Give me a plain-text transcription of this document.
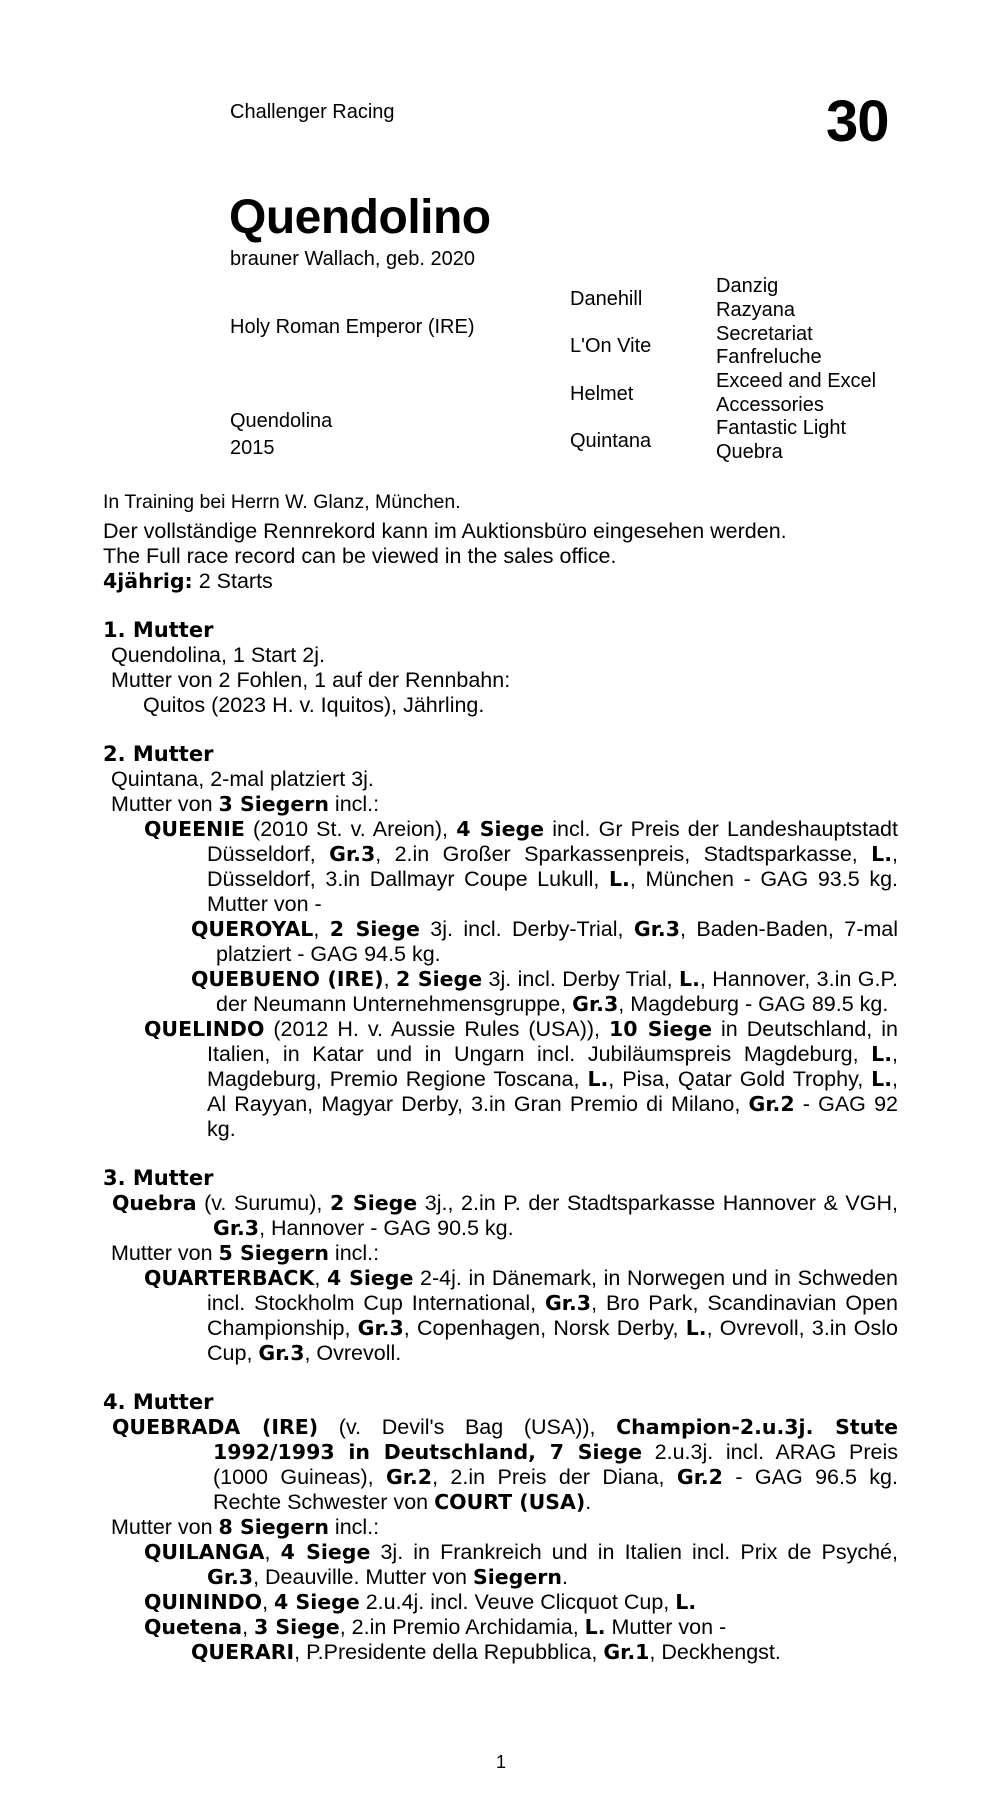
Challenger Racing	30
Quendolino
brauner Wallach, geb. 2020
Holy Roman Emperor (IRE)
Quendolina
2015
Danehill
L'On Vite
Helmet
Quintana
Danzig
Razyana
Secretariat
Fanfreluche
Exceed and Excel
Accessories
Fantastic Light
Quebra

In Training bei Herrn W. Glanz, München.

Der vollständige Rennrekord kann im Auktionsbüro eingesehen werden.

The Full race record can be viewed in the sales office.

4jährig: 2 Starts

1. Mutter

Quendolina, 1 Start 2j.

Mutter von 2 Fohlen, 1 auf der Rennbahn:

Quitos (2023 H. v. Iquitos), Jährling.

2. Mutter

Quintana, 2-mal platziert 3j.

Mutter von 3 Siegern incl.:

QUEENIE (2010 St. v. Areion), 4 Siege incl. Gr Preis der Landeshauptstadt Düsseldorf, Gr.3, 2.in Großer Sparkassenpreis, Stadtsparkasse, L., Düsseldorf, 3.in Dallmayr Coupe Lukull, L., München - GAG 93.5 kg. Mutter von -

QUEROYAL, 2 Siege 3j. incl. Derby-Trial, Gr.3, Baden-Baden, 7-mal platziert - GAG 94.5 kg.

QUEBUENO (IRE), 2 Siege 3j. incl. Derby Trial, L., Hannover, 3.in G.P. der Neumann Unternehmensgruppe, Gr.3, Magdeburg - GAG 89.5 kg.

QUELINDO (2012 H. v. Aussie Rules (USA)), 10 Siege in Deutschland, in Italien, in Katar und in Ungarn incl. Jubiläumspreis Magdeburg, L., Magdeburg, Premio Regione Toscana, L., Pisa, Qatar Gold Trophy, L., Al Rayyan, Magyar Derby, 3.in Gran Premio di Milano, Gr.2 - GAG 92 kg.

3. Mutter

Quebra (v. Surumu), 2 Siege 3j., 2.in P. der Stadtsparkasse Hannover & VGH, Gr.3, Hannover - GAG 90.5 kg.

Mutter von 5 Siegern incl.:

QUARTERBACK, 4 Siege 2-4j. in Dänemark, in Norwegen und in Schweden incl. Stockholm Cup International, Gr.3, Bro Park, Scandinavian Open Championship, Gr.3, Copenhagen, Norsk Derby, L., Ovrevoll, 3.in Oslo Cup, Gr.3, Ovrevoll.

4. Mutter

QUEBRADA (IRE) (v. Devil's Bag (USA)), Champion-2.u.3j. Stute 1992/1993 in Deutschland, 7 Siege 2.u.3j. incl. ARAG Preis (1000 Guineas), Gr.2, 2.in Preis der Diana, Gr.2 - GAG 96.5 kg. Rechte Schwester von COURT (USA).

Mutter von 8 Siegern incl.:

QUILANGA, 4 Siege 3j. in Frankreich und in Italien incl. Prix de Psyché, Gr.3, Deauville. Mutter von Siegern.

QUININDO, 4 Siege 2.u.4j. incl. Veuve Clicquot Cup, L.

Quetena, 3 Siege, 2.in Premio Archidamia, L. Mutter von -

QUERARI, P.Presidente della Repubblica, Gr.1, Deckhengst.

1
